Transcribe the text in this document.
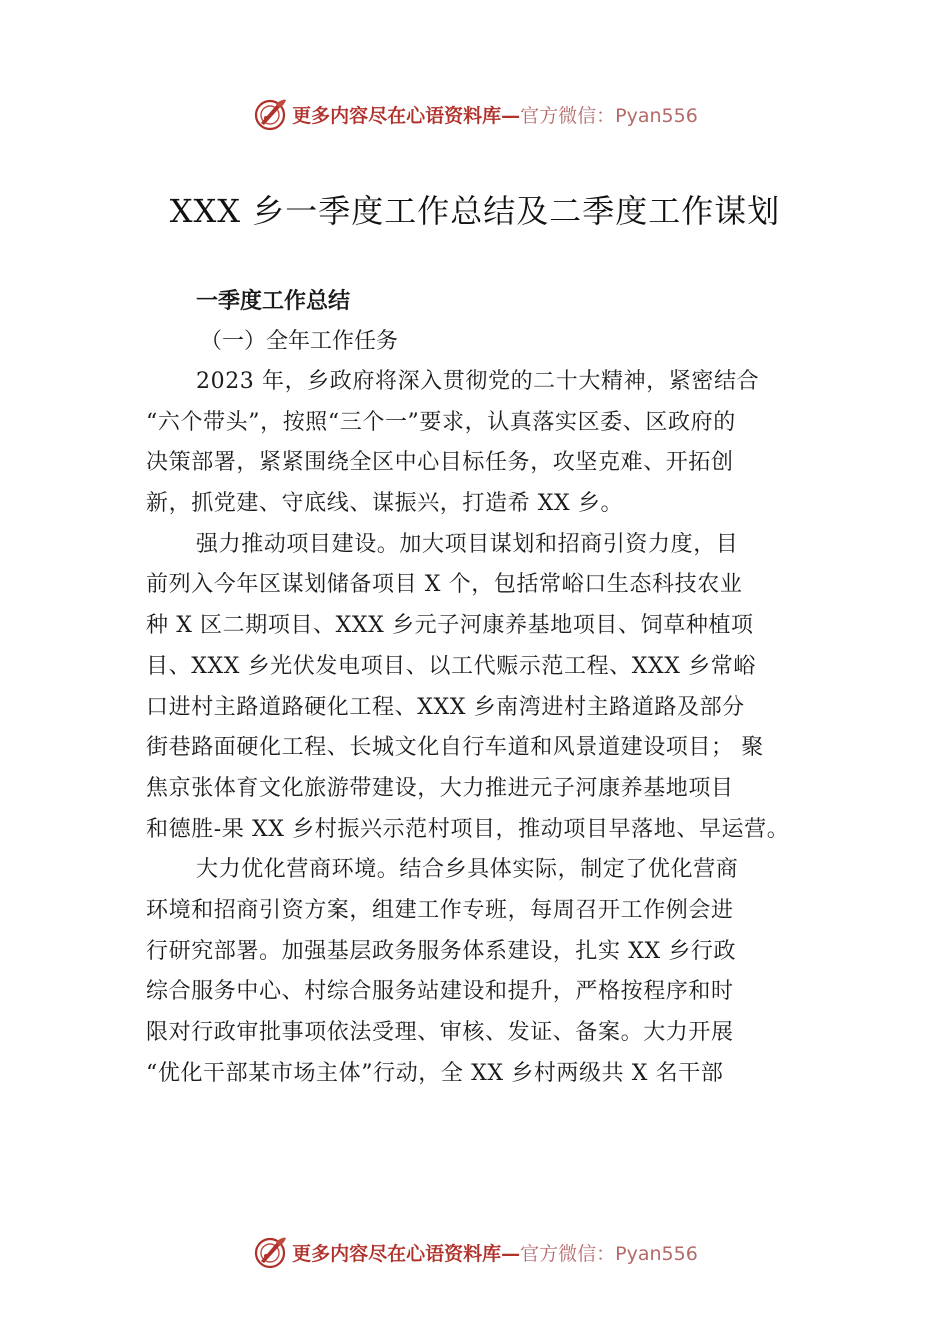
更多内容尽在心语资料库— 官方微信：Pyan556
XXX 乡一季度工作总结及二季度工作谋划
一季度工作总结
（一）全年工作任务
2023 年，乡政府将深入贯彻党的二十大精神，紧密结合
“六个带头”，按照“三个一”要求，认真落实区委、区政府的
决策部署，紧紧围绕全区中心目标任务，攻坚克难、开拓创
新，抓党建、守底线、谋振兴，打造希 XX 乡。
强力推动项目建设。加大项目谋划和招商引资力度，目
前列入今年区谋划储备项目 X 个，包括常峪口生态科技农业
种 X 区二期项目、XXX 乡元子河康养基地项目、饲草种植项
目、XXX 乡光伏发电项目、以工代赈示范工程、XXX 乡常峪
口进村主路道路硬化工程、XXX 乡南湾进村主路道路及部分
街巷路面硬化工程、长城文化自行车道和风景道建设项目； 聚
焦京张体育文化旅游带建设，大力推进元子河康养基地项目
和德胜-果 XX 乡村振兴示范村项目，推动项目早落地、早运营。
大力优化营商环境。结合乡具体实际，制定了优化营商
环境和招商引资方案，组建工作专班，每周召开工作例会进
行研究部署。加强基层政务服务体系建设，扎实 XX 乡行政
综合服务中心、村综合服务站建设和提升，严格按程序和时
限对行政审批事项依法受理、审核、发证、备案。大力开展
“优化干部某市场主体”行动，全 XX 乡村两级共 X 名干部
更多内容尽在心语资料库— 官方微信：Pyan556
